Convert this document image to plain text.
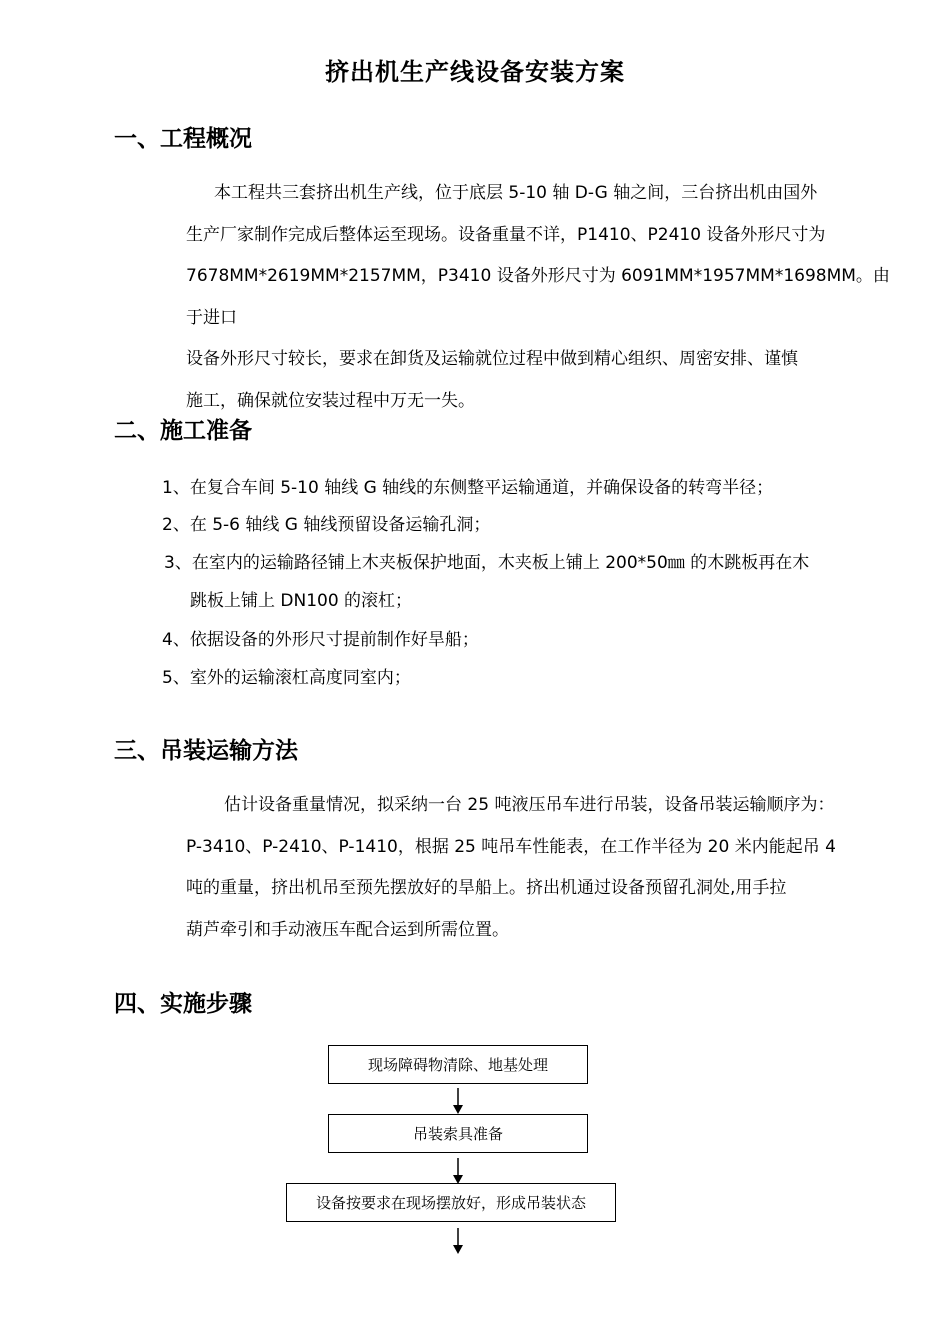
挤出机生产线设备安装方案
一、工程概况
本工程共三套挤出机生产线，位于底层 5-10 轴 D-G 轴之间，三台挤出机由国外
生产厂家制作完成后整体运至现场。设备重量不详，P1410、P2410 设备外形尺寸为
7678MM*2619MM*2157MM，P3410 设备外形尺寸为 6091MM*1957MM*1698MM。由于进口
设备外形尺寸较长，要求在卸货及运输就位过程中做到精心组织、周密安排、谨慎
施工，确保就位安装过程中万无一失。
二、施工准备
1、在复合车间 5-10 轴线 G 轴线的东侧整平运输通道，并确保设备的转弯半径；
2、在 5-6 轴线 G 轴线预留设备运输孔洞；
3、在室内的运输路径铺上木夹板保护地面，木夹板上铺上 200*50㎜ 的木跳板再在木
跳板上铺上 DN100 的滚杠；
4、依据设备的外形尺寸提前制作好旱船；
5、室外的运输滚杠高度同室内；
三、吊装运输方法
估计设备重量情况，拟采纳一台 25 吨液压吊车进行吊装，设备吊装运输顺序为：
P-3410、P-2410、P-1410，根据 25 吨吊车性能表，在工作半径为 20 米内能起吊 4
吨的重量，挤出机吊至预先摆放好的旱船上。挤出机通过设备预留孔洞处,用手拉
葫芦牵引和手动液压车配合运到所需位置。
四、实施步骤
现场障碍物清除、地基处理
吊装索具准备
设备按要求在现场摆放好，形成吊装状态
